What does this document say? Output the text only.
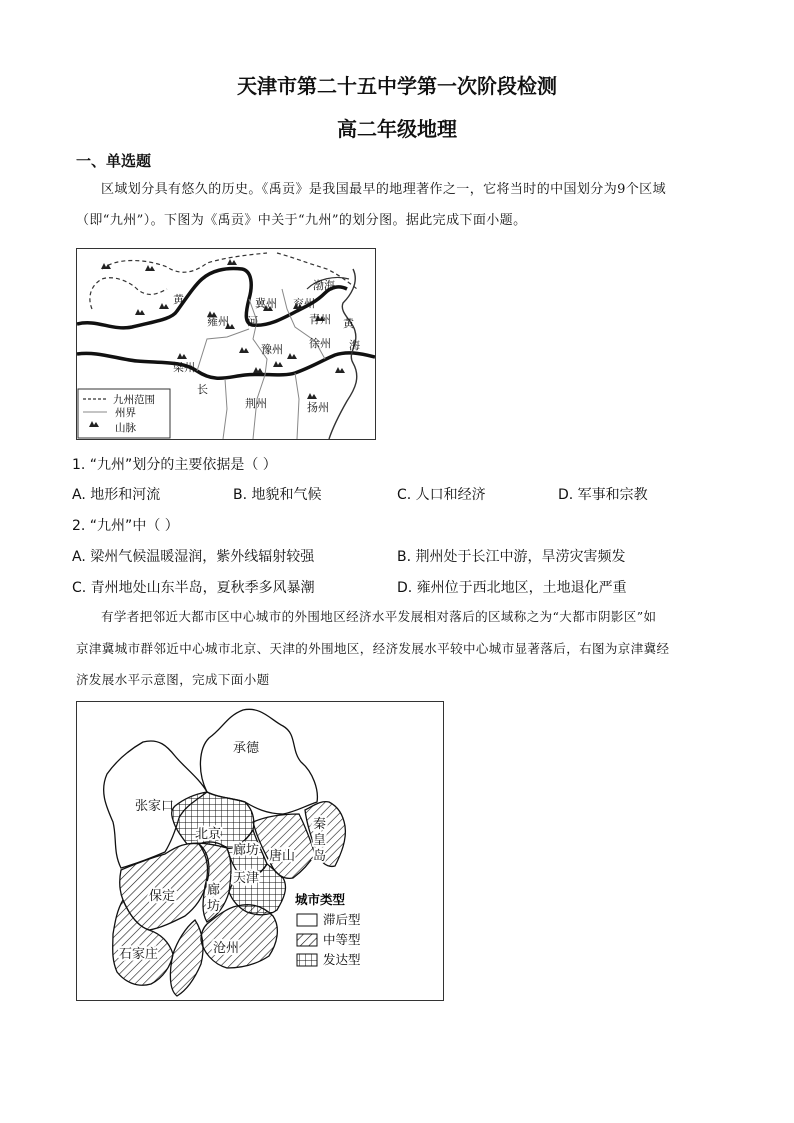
天津市第二十五中学第一次阶段检测
高二年级地理
一、单选题
区域划分具有悠久的历史。《禹贡》是我国最早的地理著作之一，它将当时的中国划分为9个区域
（即“九州”）。下图为《禹贡》中关于“九州”的划分图。据此完成下面小题。
黄
河
雍州
冀州 兖州
青州
渤海
豫州 徐州
黄
海
梁州
长
荆州	扬州
九州范围
州界
山脉
1. “九州”划分的主要依据是（ ）
A. 地形和河流	B. 地貌和气候	C. 人口和经济	D. 军事和宗教
2. “九州”中（ ）
A. 梁州气候温暖湿润，紫外线辐射较强	B. 荆州处于长江中游，旱涝灾害频发
C. 青州地处山东半岛，夏秋季多风暴潮	D. 雍州位于西北地区，土地退化严重
有学者把邻近大都市区中心城市的外围地区经济水平发展相对落后的区域称之为“大都市阴影区”如
京津冀城市群邻近中心城市北京、天津的外围地区，经济发展水平较中心城市显著落后，右图为京津冀经
济发展水平示意图，完成下面小题
承德
张家口
北京
廊坊 唐山
秦
皇
岛
天津
保定 廊
坊
沧州
石家庄
城市类型
滞后型
中等型
发达型
